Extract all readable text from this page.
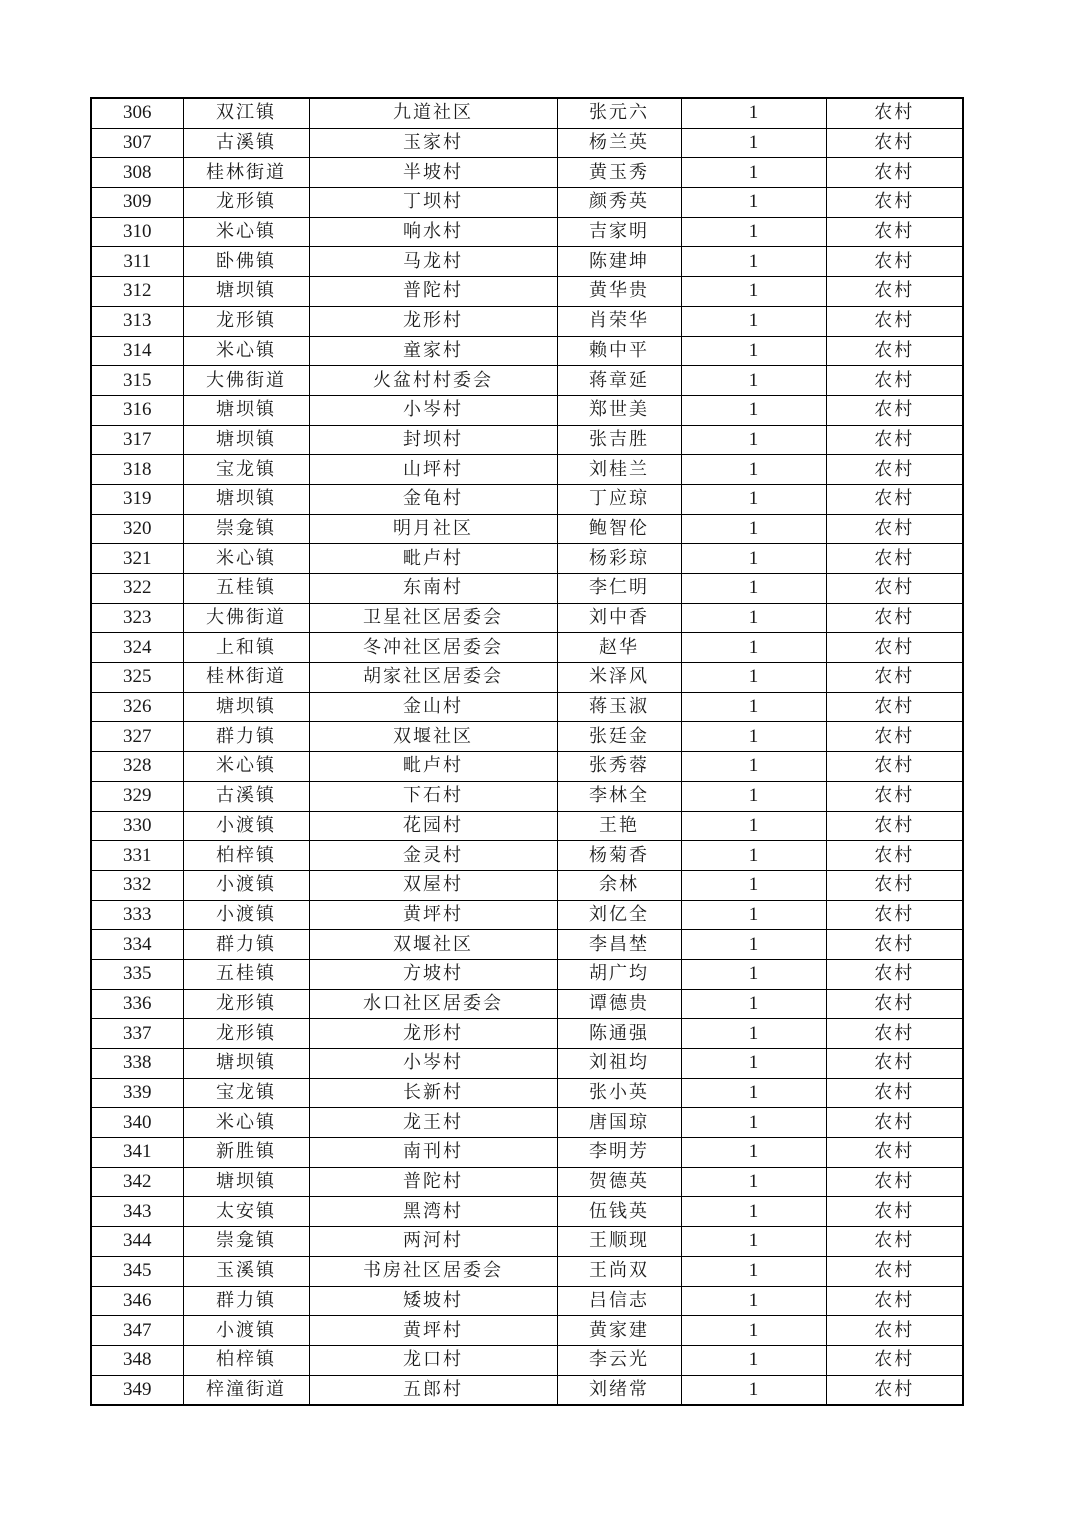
306	双江镇	九道社区	张元六	1	农村
307	古溪镇	玉家村	杨兰英	1	农村
308	桂林街道	半坡村	黄玉秀	1	农村
309	龙形镇	丁坝村	颜秀英	1	农村
310	米心镇	响水村	吉家明	1	农村
311	卧佛镇	马龙村	陈建坤	1	农村
312	塘坝镇	普陀村	黄华贵	1	农村
313	龙形镇	龙形村	肖荣华	1	农村
314	米心镇	童家村	赖中平	1	农村
315	大佛街道	火盆村村委会	蒋章延	1	农村
316	塘坝镇	小岑村	郑世美	1	农村
317	塘坝镇	封坝村	张吉胜	1	农村
318	宝龙镇	山坪村	刘桂兰	1	农村
319	塘坝镇	金龟村	丁应琼	1	农村
320	崇龛镇	明月社区	鲍智伦	1	农村
321	米心镇	毗卢村	杨彩琼	1	农村
322	五桂镇	东南村	李仁明	1	农村
323	大佛街道	卫星社区居委会	刘中香	1	农村
324	上和镇	冬冲社区居委会	赵华	1	农村
325	桂林街道	胡家社区居委会	米泽风	1	农村
326	塘坝镇	金山村	蒋玉淑	1	农村
327	群力镇	双堰社区	张廷金	1	农村
328	米心镇	毗卢村	张秀蓉	1	农村
329	古溪镇	下石村	李林全	1	农村
330	小渡镇	花园村	王艳	1	农村
331	柏梓镇	金灵村	杨菊香	1	农村
332	小渡镇	双屋村	余林	1	农村
333	小渡镇	黄坪村	刘亿全	1	农村
334	群力镇	双堰社区	李昌埜	1	农村
335	五桂镇	方坡村	胡广均	1	农村
336	龙形镇	水口社区居委会	谭德贵	1	农村
337	龙形镇	龙形村	陈通强	1	农村
338	塘坝镇	小岑村	刘祖均	1	农村
339	宝龙镇	长新村	张小英	1	农村
340	米心镇	龙王村	唐国琼	1	农村
341	新胜镇	南刊村	李明芳	1	农村
342	塘坝镇	普陀村	贺德英	1	农村
343	太安镇	黑湾村	伍钱英	1	农村
344	崇龛镇	两河村	王顺现	1	农村
345	玉溪镇	书房社区居委会	王尚双	1	农村
346	群力镇	矮坡村	吕信志	1	农村
347	小渡镇	黄坪村	黄家建	1	农村
348	柏梓镇	龙口村	李云光	1	农村
349	梓潼街道	五郎村	刘绪常	1	农村
